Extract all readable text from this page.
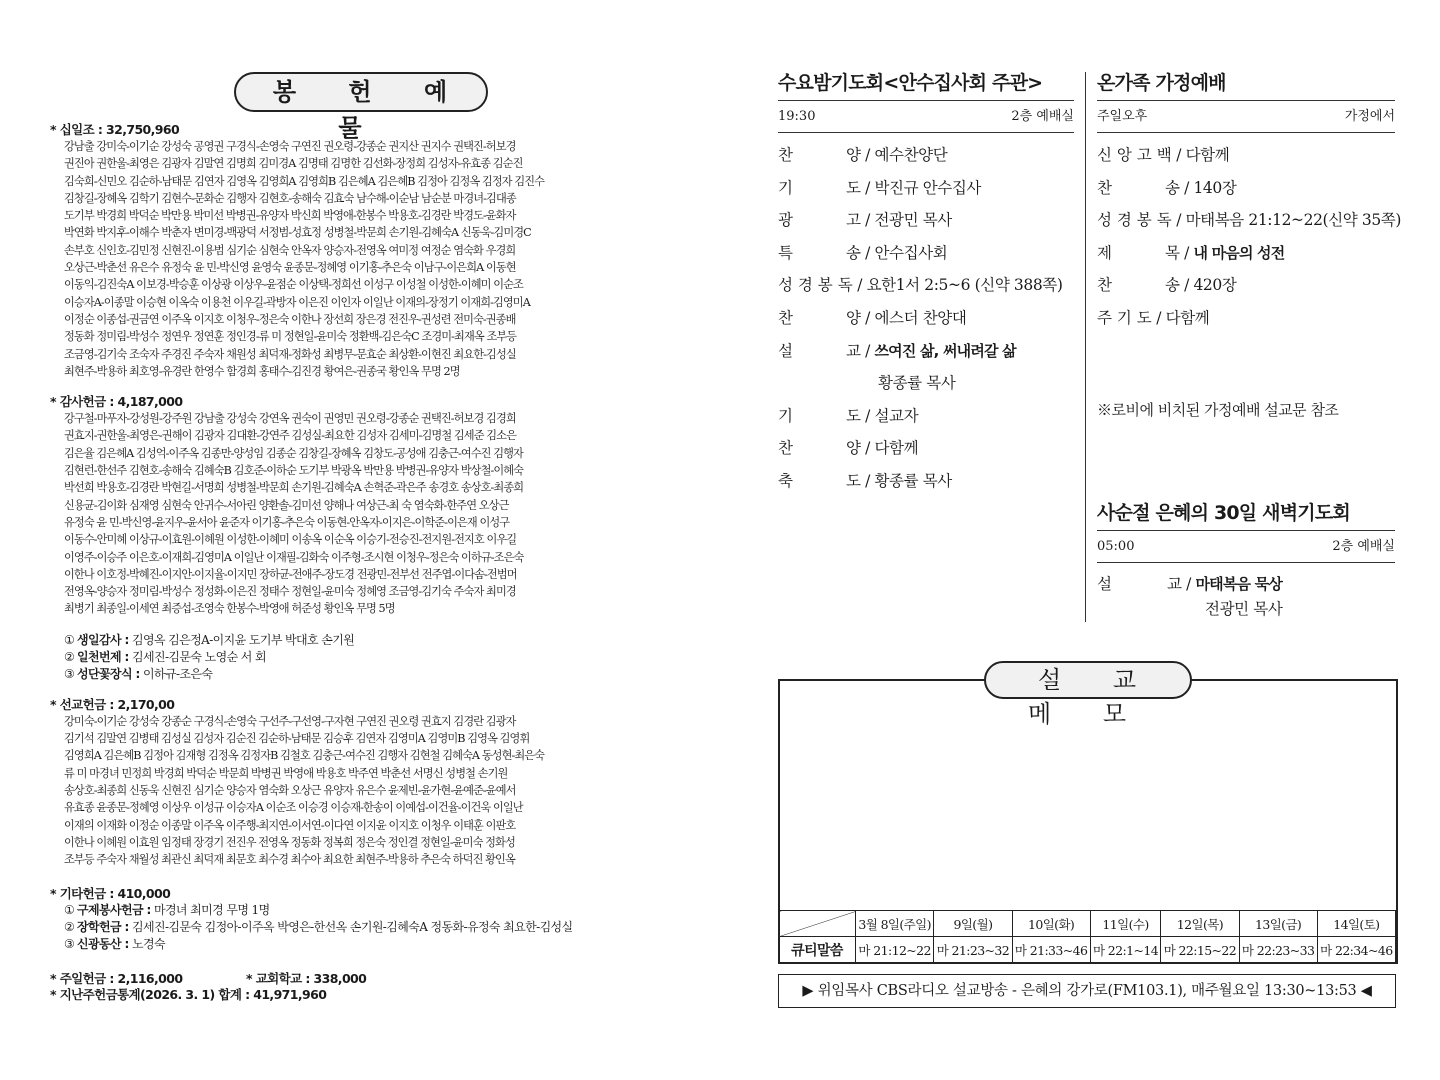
봉 헌 예 물
* 십일조 : 32,750,960
강남출 강미숙-이기순 강성숙 공영권 구경식-손영숙 구연진 권오령-강종순 권지산 권지수 권택진-허보경
권진아 권한울-최영은 김광자 김말연 김명희 김미경A 김명태 김명한 김선화-장정희 김성자-유효종 김순진
김숙희-신민오 김순하-남태문 김연자 김영옥 김영희A 김영희B 김은혜A 김은혜B 김정아 김정옥 김정자 김진수
김창길-장혜옥 김학기 김현수-문화순 김행자 김현호-송해숙 김효숙 남수해-이순남 남순분 마경녀-김대종
도기부 박경희 박덕순 박만용 박미선 박병권-유양자 박신희 박영애-한봉수 박용호-김경란 박경도-윤화자
박연화 박지후-이해수 박춘자 변미경-백광덕 서정범-성효정 성병철-박문희 손기원-김혜숙A 신동욱-김미경C
손부호 신인호-김민정 신현진-이용범 심기순 심현숙 안옥자 양승자-전영옥 여미정 여정순 염숙화 우경희
오상근-박춘선 유은수 유정숙 윤 민-박신영 윤영숙 윤종문-정혜영 이기홍-추은숙 이남구-이은희A 이동현
이동익-김진숙A 이보경-박승훈 이상광 이상우-윤점순 이상택-정희선 이성구 이성철 이성한-이혜미 이순조
이승자A-이종말 이승현 이옥숙 이용천 이우길-곽방자 이은진 이인자 이일난 이재의-장정기 이재희-김영미A
이정순 이종섭-권금연 이주옥 이지호 이청우-정은숙 이한나 장선희 장은경 전진우-권성련 전미숙-권종배
정동화 정미림-박성수 정연우 정연훈 정인경-류 미 정현일-윤미숙 정환백-김은숙C 조경미-최재옥 조부등
조금영-김기숙 조숙자 주경진 주숙자 채원성 최덕재-정화성 최병무-문효순 최상환-이현진 최요한-김성실
최현주-박용하 최호영-유경란 한영수 함경희 홍태수-김진경 황여은-권종국 황인옥 무명 2명
* 감사헌금 : 4,187,000
강구철-마푸자-강성원-강주원 강남출 강성숙 강연옥 권숙이 권영민 권오령-강종순 권택진-허보경 김경희
권효지-권한울-최영은-권해이 김광자 김대환-강연주 김성실-최요한 김성자 김세미-김명철 김세준 김소은
김은율 김은혜A 김성억-이주옥 김종만-양성임 김종순 김창길-장혜옥 김창도-공성애 김충근-여수진 김행자
김현런-한선주 김현호-송해숙 김혜숙B 김호준-이하순 도기부 박광옥 박만용 박병권-유양자 박상철-이혜숙
박선희 박용호-김경란 박현길-서명희 성병철-박문희 손기원-김혜숙A 손혁준-곽은주 송경호 송상호-최종희
신용균-김이화 심재영 심현숙 안귀수-서아린 양환솔-김미선 양해나 여상근-최 숙 염숙화-한주연 오상근
유정숙 윤 민-박신영-윤지우-윤서아 윤준자 이기홍-추은숙 이동현-안옥자-이지은-이학준-이은재 이성구
이동수-안미혜 이상규-이효원-이혜원 이성한-이혜미 이송옥 이순옥 이승기-전승진-전지원-전지호 이우길
이영주-이승주 이은호-이재희-김영미A 이일난 이재필-김화숙 이주형-조시현 이청우-정은숙 이하규-조은숙
이한나 이호정-박혜진-이지안-이지율-이지민 장하균-전애주-장도경 전광민-전부선 전주엽-이다솜-전범머
전영옥-양승자 정미림-박성수 정성화-이은진 정태수 정현일-윤미숙 정혜영 조금영-김기숙 주숙자 최미경
최병기 최종일-이세연 최증섭-조영숙 한봉수-박영애 허준성 황인옥 무명 5명
① 생일감사 : 김영옥 김은정A-이지윤 도기부 박대호 손기원
② 일천번제 : 김세진-김문숙 노영순 서 회
③ 성단꽃장식 : 이하규-조은숙
* 선교헌금 : 2,170,00
강미숙-이기순 강성숙 강종순 구경식-손영숙 구선주-구선영-구자현 구연진 권오령 권효지 김경란 김광자
김기석 김말연 김병태 김성실 김성자 김순진 김순하-남태문 김승후 김연자 김영미A 김영미B 김영옥 김영휘
김영희A 김은혜B 김정아 김재형 김정옥 김정자B 김철호 김충근-여수진 김행자 김현철 김혜숙A 동성현-최은숙
류 미 마경녀 민정희 박경희 박덕순 박문희 박병권 박영애 박용호 박주연 박춘선 서명신 성병철 손기원
송상호-최종희 신동욱 신현진 심기순 양승자 염숙화 오상근 유양자 유은수 윤제빈-윤가현-윤예준-윤예서
유효종 윤종문-정혜영 이상우 이성규 이승자A 이순조 이승경 이승재-한송이 이예섭-이건율-이건욱 이일난
이재의 이재화 이정순 이종말 이주옥 이주행-최지연-이서연-이다연 이지윤 이지호 이청우 이태훈 이판호
이한나 이혜원 이효원 임정태 장경기 전진우 전영옥 정동화 정복희 정은숙 정인결 정현일-윤미숙 정화성
조부등 주숙자 채월성 최관신 최덕재 최문호 최수경 최수아 최요한 최현주-박용하 추은숙 하덕진 황인옥
* 기타헌금 : 410,000
① 구제봉사헌금 : 마경녀 최미경 무명 1명
② 장학헌금 : 김세진-김문숙 김정아-이주옥 박영은-한선옥 손기원-김혜숙A 정동화-유정숙 최요한-김성실
③ 신광동산 : 노경숙
* 주일헌금 : 2,116,000	* 교회학교 : 338,000
* 지난주헌금통계(2026. 3. 1) 합계 : 41,971,960
수요밤기도회<안수집사회 주관>
19:30	2층 예배실
찬	양 / 예수찬양단
기	도 / 박진규 안수집사
광	고 / 전광민 목사
특	송 / 안수집사회
성 경 봉 독 / 요한1서 2:5~6 (신약 388쪽)
찬	양 / 에스더 찬양대
설	교 / 쓰여진 삶, 써내려갈 삶
황종률 목사
기	도 / 설교자
찬	양 / 다함께
축	도 / 황종률 목사
온가족 가정예배
주일오후	가정에서
신 앙 고 백 / 다함께
찬	송 / 140장
성 경 봉 독 / 마태복음 21:12~22(신약 35쪽)
제	목 / 내 마음의 성전
찬	송 / 420장
주 기 도 / 다함께
※로비에 비치된 가정예배 설교문 참조
사순절 은혜의 30일 새벽기도회
05:00	2층 예배실
설	교 / 마태복음 묵상
전광민 목사
설 교 메 모
	3월 8일(주일)	9일(월)	10일(화)	11일(수)	12일(목)	13일(금)	14일(토)
큐티말씀	마 21:12~22	마 21:23~32	마 21:33~46	마 22:1~14	마 22:15~22	마 22:23~33	마 22:34~46
▶ 위임목사 CBS라디오 설교방송 - 은혜의 강가로(FM103.1), 매주월요일 13:30~13:53 ◀
